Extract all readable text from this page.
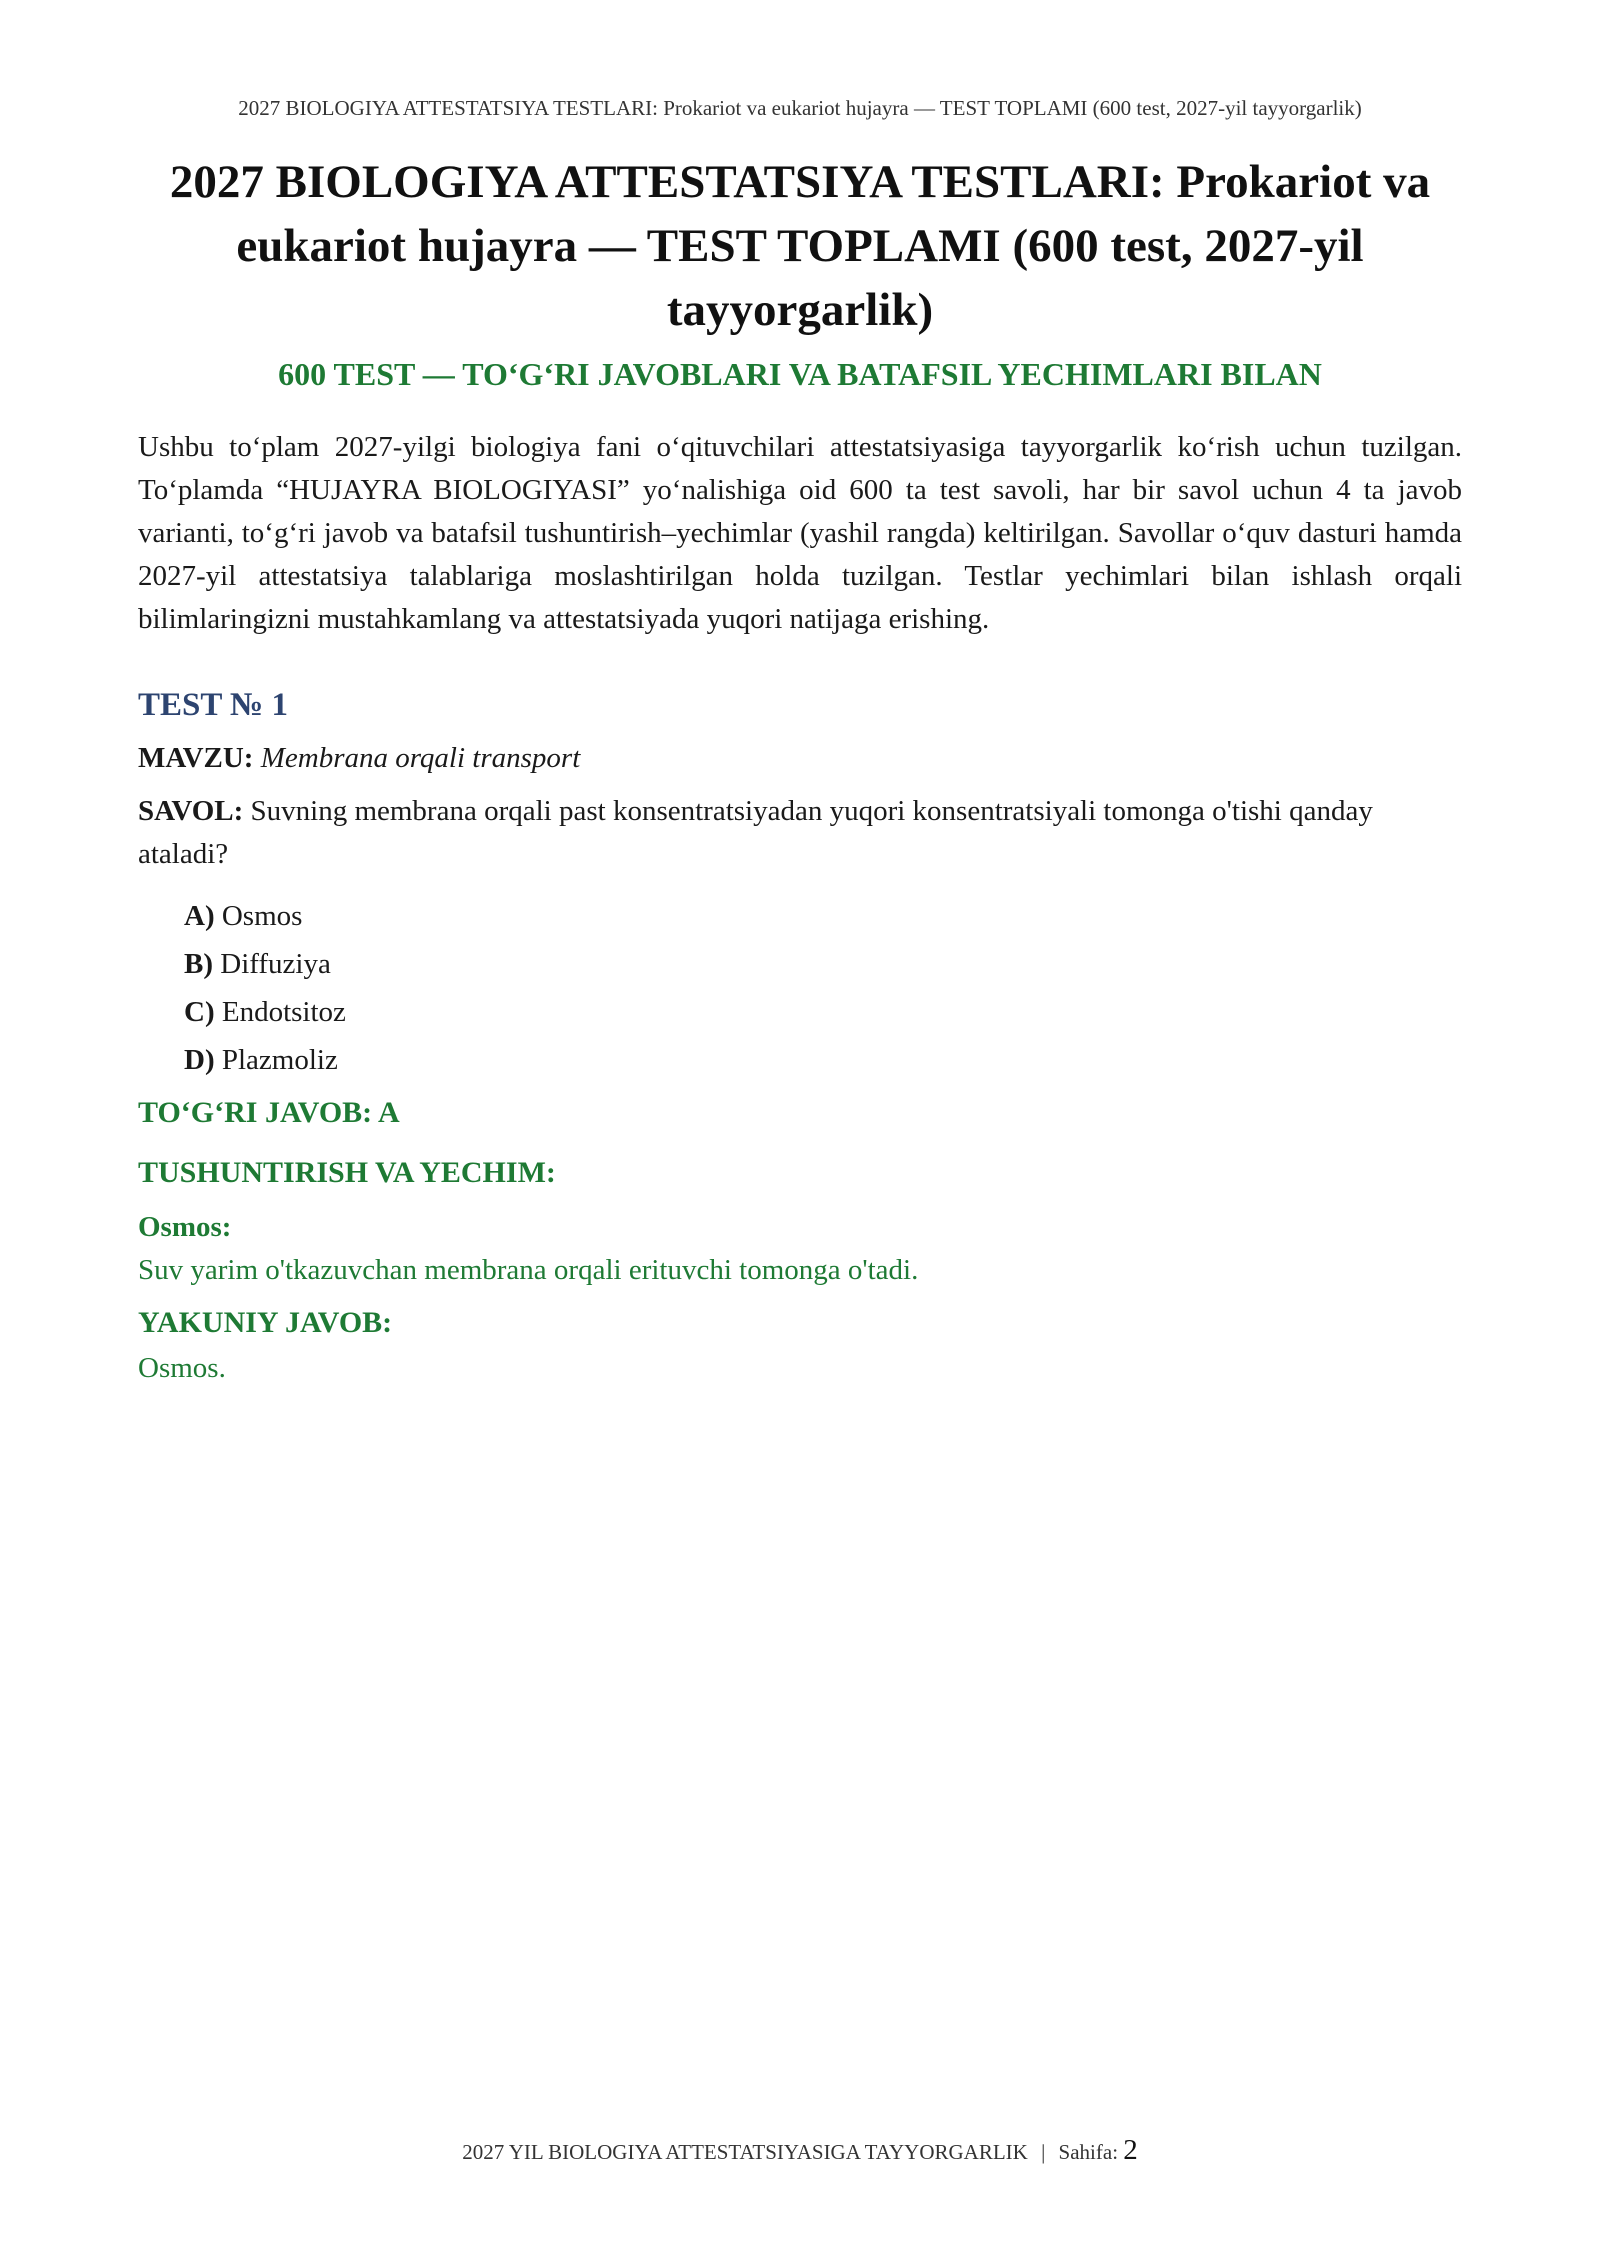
2027 BIOLOGIYA ATTESTATSIYA TESTLARI: Prokariot va eukariot hujayra — TEST TOPLAMI (600 test, 2027-yil tayyorgarlik)
2027 BIOLOGIYA ATTESTATSIYA TESTLARI: Prokariot va eukariot hujayra — TEST TOPLAMI (600 test, 2027-yil tayyorgarlik)
600 TEST — TO‘G‘RI JAVOBLARI VA BATAFSIL YECHIMLARI BILAN

Ushbu to‘plam 2027-yilgi biologiya fani o‘qituvchilari attestatsiyasiga tayyorgarlik ko‘rish uchun tuzilgan. To‘plamda “HUJAYRA BIOLOGIYASI” yo‘nalishiga oid 600 ta test savoli, har bir savol uchun 4 ta javob varianti, to‘g‘ri javob va batafsil tushuntirish–yechimlar (yashil rangda) keltirilgan. Savollar o‘quv dasturi hamda 2027-yil attestatsiya talablariga moslashtirilgan holda tuzilgan. Testlar yechimlari bilan ishlash orqali bilimlaringizni mustahkamlang va attestatsiyada yuqori natijaga erishing.

TEST № 1
MAVZU: Membrana orqali transport
SAVOL: Suvning membrana orqali past konsentratsiyadan yuqori konsentratsiyali tomonga o'tishi qanday ataladi?
A) Osmos
B) Diffuziya
C) Endotsitoz
D) Plazmoliz
TO‘G‘RI JAVOB: A
TUSHUNTIRISH VA YECHIM:
Osmos:
Suv yarim o'tkazuvchan membrana orqali erituvchi tomonga o'tadi.
YAKUNIY JAVOB:
Osmos.
2027 YIL BIOLOGIYA ATTESTATSIYASIGA TAYYORGARLIK | Sahifa: 2
